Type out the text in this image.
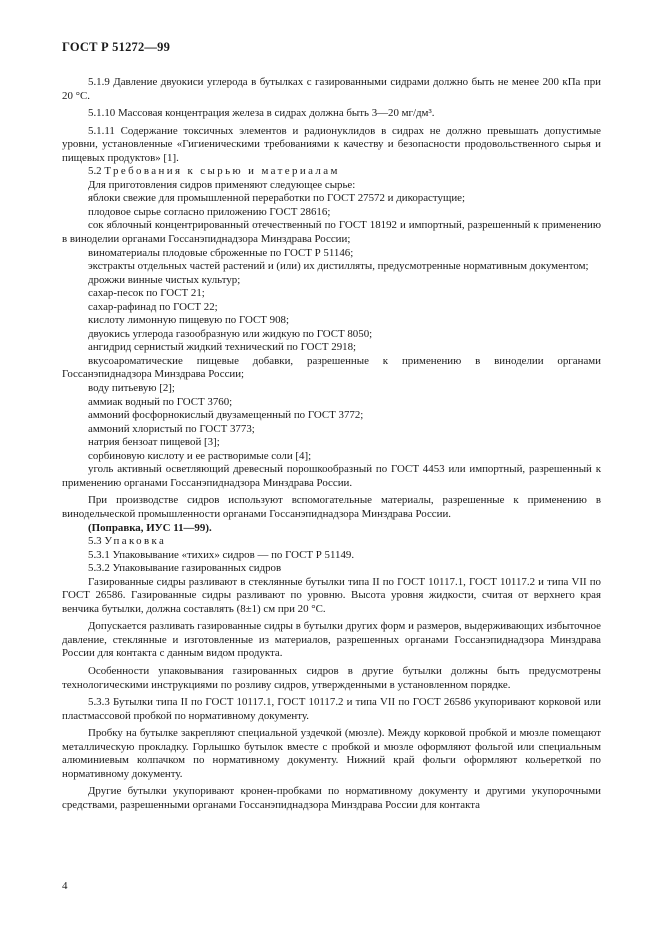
ГОСТ Р 51272—99

5.1.9 Давление двуокиси углерода в бутылках с газированными сидрами должно быть не менее 200 кПа при 20 °С.

5.1.10 Массовая концентрация железа в сидрах должна быть 3—20 мг/дм³.

5.1.11 Содержание токсичных элементов и радионуклидов в сидрах не должно превышать допустимые уровни, установленные «Гигиеническими требованиями к качеству и безопасности продовольственного сырья и пищевых продуктов» [1].

5.2 Требования к сырью и материалам

Для приготовления сидров применяют следующее сырье:

яблоки свежие для промышленной переработки по ГОСТ 27572 и дикорастущие;

плодовое сырье согласно приложению ГОСТ 28616;

сок яблочный концентрированный отечественный по ГОСТ 18192 и импортный, разрешенный к применению в виноделии органами Госсанэпиднадзора Минздрава России;

виноматериалы плодовые сброженные по ГОСТ Р 51146;

экстракты отдельных частей растений и (или) их дистилляты, предусмотренные нормативным документом;

дрожжи винные чистых культур;

сахар-песок по ГОСТ 21;

сахар-рафинад по ГОСТ 22;

кислоту лимонную пищевую по ГОСТ 908;

двуокись углерода газообразную или жидкую по ГОСТ 8050;

ангидрид сернистый жидкий технический по ГОСТ 2918;

вкусоароматические пищевые добавки, разрешенные к применению в виноделии органами Госсанэпиднадзора Минздрава России;

воду питьевую [2];

аммиак водный по ГОСТ 3760;

аммоний фосфорнокислый двузамещенный по ГОСТ 3772;

аммоний хлористый по ГОСТ 3773;

натрия бензоат пищевой [3];

сорбиновую кислоту и ее растворимые соли [4];

уголь активный осветляющий древесный порошкообразный по ГОСТ 4453 или импортный, разрешенный к применению органами Госсанэпиднадзора Минздрава России.

При производстве сидров используют вспомогательные материалы, разрешенные к применению в винодельческой промышленности органами Госсанэпиднадзора Минздрава России.

(Поправка, ИУС 11—99).

5.3 Упаковка

5.3.1 Упаковывание «тихих» сидров — по ГОСТ Р 51149.

5.3.2 Упаковывание газированных сидров

Газированные сидры разливают в стеклянные бутылки типа II по ГОСТ 10117.1, ГОСТ 10117.2 и типа VII по ГОСТ 26586. Газированные сидры разливают по уровню. Высота уровня жидкости, считая от верхнего края венчика бутылки, должна составлять (8±1) см при 20 °С.

Допускается разливать газированные сидры в бутылки других форм и размеров, выдерживающих избыточное давление, стеклянные и изготовленные из материалов, разрешенных органами Госсанэпиднадзора Минздрава России для контакта с данным видом продукта.

Особенности упаковывания газированных сидров в другие бутылки должны быть предусмотрены технологическими инструкциями по розливу сидров, утвержденными в установленном порядке.

5.3.3 Бутылки типа II по ГОСТ 10117.1, ГОСТ 10117.2 и типа VII по ГОСТ 26586 укупоривают корковой или пластмассовой пробкой по нормативному документу.

Пробку на бутылке закрепляют специальной уздечкой (мюзле). Между корковой пробкой и мюзле помещают металлическую прокладку. Горлышко бутылок вместе с пробкой и мюзле оформляют фольгой или специальным алюминиевым колпачком по нормативному документу. Нижний край фольги оформляют кольереткой по нормативному документу.

Другие бутылки укупоривают кронен-пробками по нормативному документу и другими укупорочными средствами, разрешенными органами Госсанэпиднадзора Минздрава России для контакта

4
